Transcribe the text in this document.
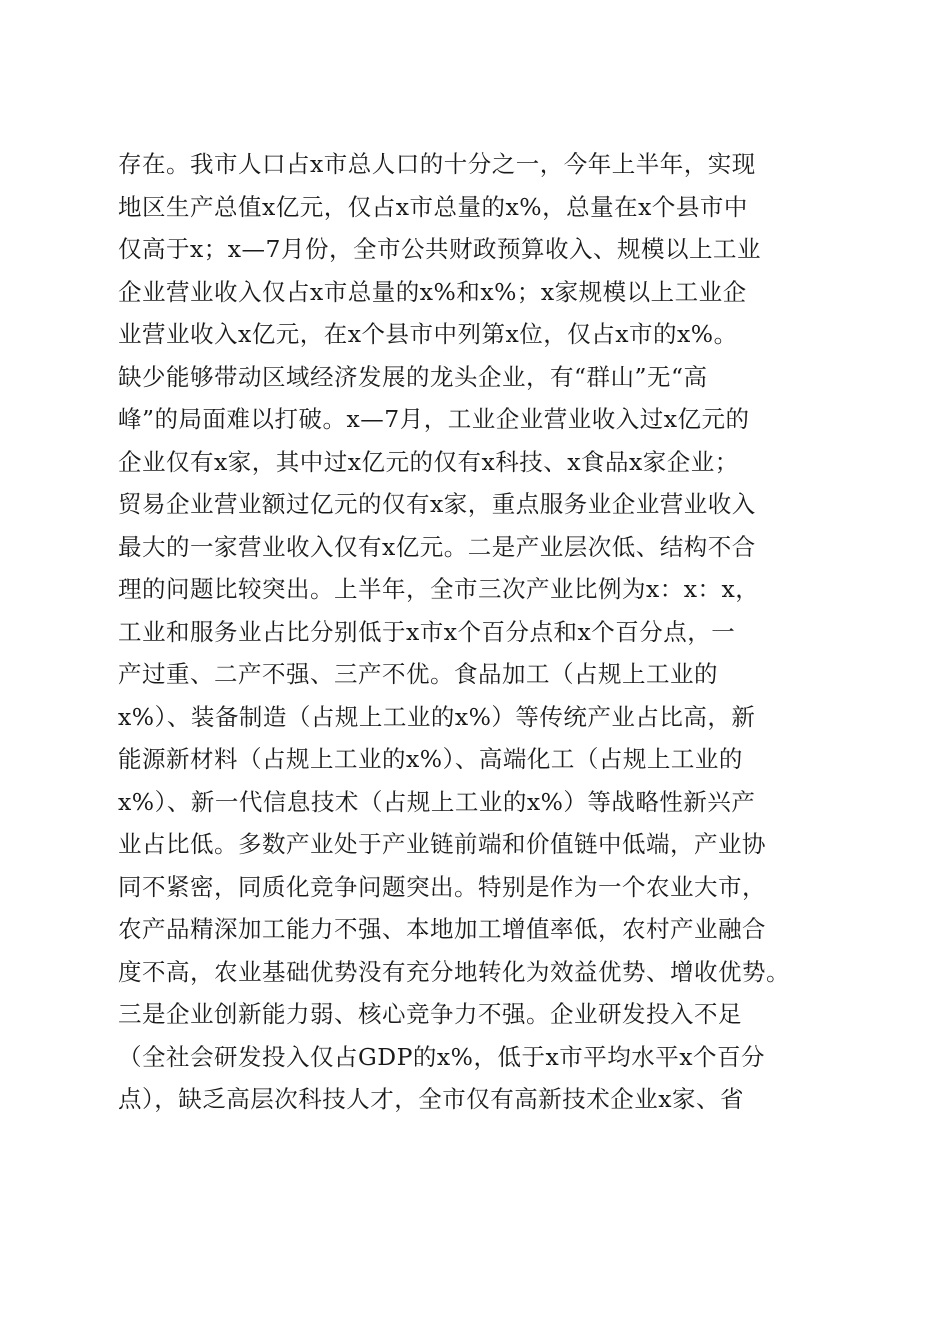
存在。我市人口占x市总人口的十分之一，今年上半年，实现
地区生产总值x亿元，仅占x市总量的x%，总量在x个县市中
仅高于x；x—7月份，全市公共财政预算收入、规模以上工业
企业营业收入仅占x市总量的x%和x%；x家规模以上工业企
业营业收入x亿元，在x个县市中列第x位，仅占x市的x%。
缺少能够带动区域经济发展的龙头企业，有“群山”无“高
峰”的局面难以打破。x—7月，工业企业营业收入过x亿元的
企业仅有x家，其中过x亿元的仅有x科技、x食品x家企业；
贸易企业营业额过亿元的仅有x家，重点服务业企业营业收入
最大的一家营业收入仅有x亿元。二是产业层次低、结构不合
理的问题比较突出。上半年，全市三次产业比例为x：x：x，
工业和服务业占比分别低于x市x个百分点和x个百分点，一
产过重、二产不强、三产不优。食品加工（占规上工业的
x%）、装备制造（占规上工业的x%）等传统产业占比高，新
能源新材料（占规上工业的x%）、高端化工（占规上工业的
x%）、新一代信息技术（占规上工业的x%）等战略性新兴产
业占比低。多数产业处于产业链前端和价值链中低端，产业协
同不紧密，同质化竞争问题突出。特别是作为一个农业大市，
农产品精深加工能力不强、本地加工增值率低，农村产业融合
度不高，农业基础优势没有充分地转化为效益优势、增收优势。
三是企业创新能力弱、核心竞争力不强。企业研发投入不足
（全社会研发投入仅占GDP的x%，低于x市平均水平x个百分
点），缺乏高层次科技人才，全市仅有高新技术企业x家、省
